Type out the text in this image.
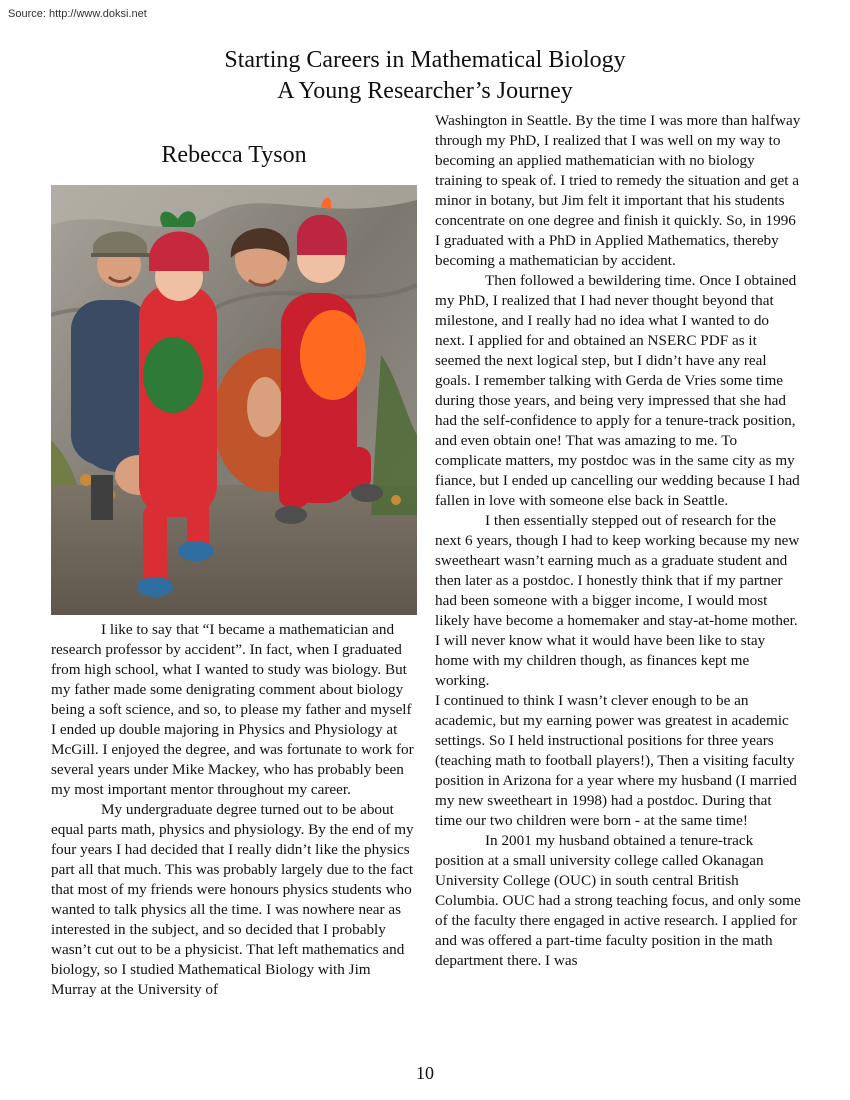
Source: http://www.doksi.net
Starting Careers in Mathematical Biology
A Young Researcher’s Journey
Rebecca Tyson

I like to say that “I became a mathematician and research professor by accident”. In fact, when I graduated from high school, what I wanted to study was biology. But my father made some denigrating comment about biology being a soft science, and so, to please my father and myself I ended up double majoring in Physics and Physiology at McGill. I enjoyed the degree, and was fortunate to work for several years under Mike Mackey, who has probably been my most important mentor throughout my career.

My undergraduate degree turned out to be about equal parts math, physics and physiology. By the end of my four years I had decided that I really didn’t like the physics part all that much. This was probably largely due to the fact that most of my friends were honours physics students who wanted to talk physics all the time. I was nowhere near as interested in the subject, and so decided that I probably wasn’t cut out to be a physicist. That left mathematics and biology, so I studied Mathematical Biology with Jim Murray at the University of

Washington in Seattle. By the time I was more than halfway through my PhD, I realized that I was well on my way to becoming an applied mathematician with no biology training to speak of. I tried to remedy the situation and get a minor in botany, but Jim felt it important that his students concentrate on one degree and finish it quickly. So, in 1996 I graduated with a PhD in Applied Mathematics, thereby becoming a mathematician by accident.

Then followed a bewildering time. Once I obtained my PhD, I realized that I had never thought beyond that milestone, and I really had no idea what I wanted to do next. I applied for and obtained an NSERC PDF as it seemed the next logical step, but I didn’t have any real goals. I remember talking with Gerda de Vries some time during those years, and being very impressed that she had had the self-confidence to apply for a tenure-track position, and even obtain one! That was amazing to me. To complicate matters, my postdoc was in the same city as my fiance, but I ended up cancelling our wedding because I had fallen in love with someone else back in Seattle.

I then essentially stepped out of research for the next 6 years, though I had to keep working because my new sweetheart wasn’t earning much as a graduate student and then later as a postdoc. I honestly think that if my partner had been someone with a bigger income, I would most likely have become a homemaker and stay-at-home mother. I will never know what it would have been like to stay home with my children though, as finances kept me working.

I continued to think I wasn’t clever enough to be an academic, but my earning power was greatest in academic settings. So I held instructional positions for three years (teaching math to football players!), Then a visiting faculty position in Arizona for a year where my husband (I married my new sweetheart in 1998) had a postdoc. During that time our two children were born - at the same time!

In 2001 my husband obtained a tenure-track position at a small university college called Okanagan University College (OUC) in south central British Columbia. OUC had a strong teaching focus, and only some of the faculty there engaged in active research. I applied for and was offered a part-time faculty position in the math department there. I was

10
